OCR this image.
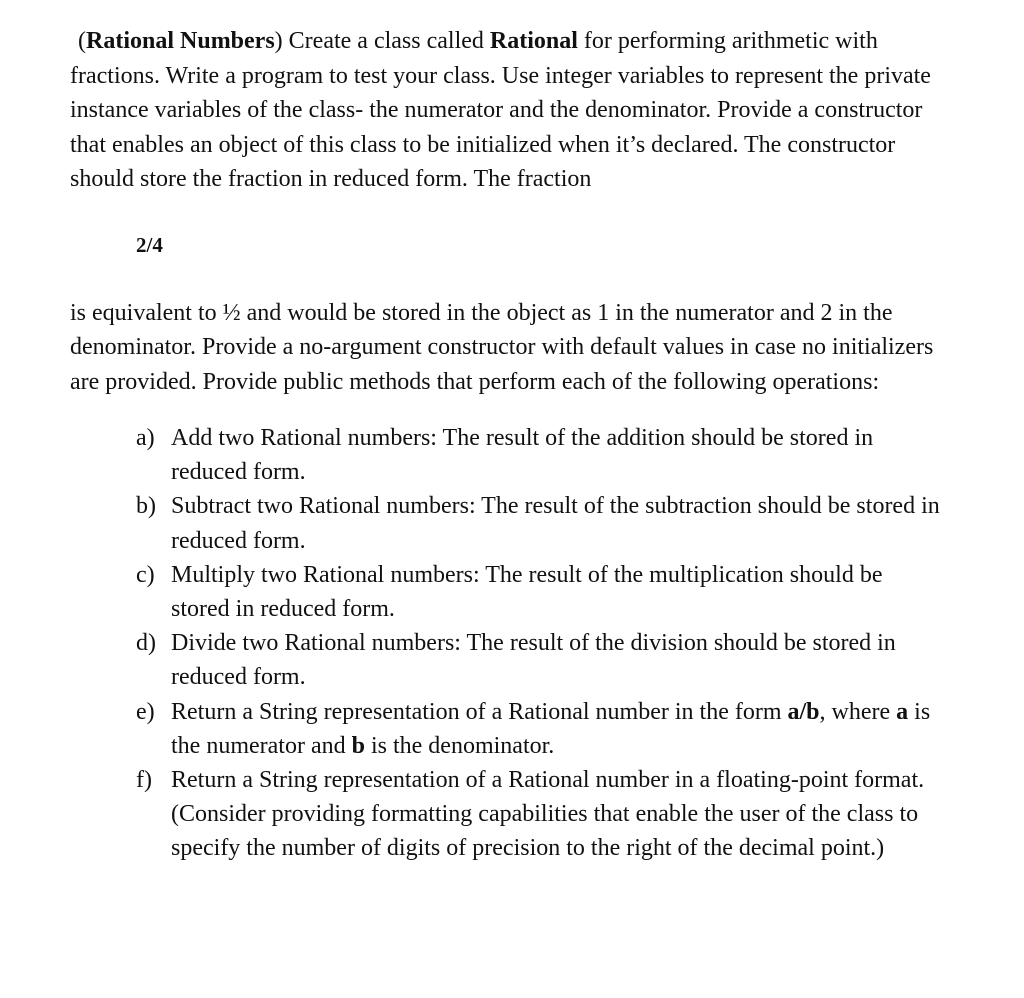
(Rational Numbers) Create a class called Rational for performing arithmetic with fractions. Write a program to test your class. Use integer variables to represent the private instance variables of the class- the numerator and the denominator. Provide a constructor that enables an object of this class to be initialized when it’s declared. The constructor should store the fraction in reduced form. The fraction

2/4

is equivalent to ½ and would be stored in the object as 1 in the numerator and 2 in the denominator. Provide a no-argument constructor with default values in case no initializers are provided. Provide public methods that perform each of the following operations:

a) Add two Rational numbers: The result of the addition should be stored in reduced form.
b) Subtract two Rational numbers: The result of the subtraction should be stored in reduced form.
c) Multiply two Rational numbers: The result of the multiplication should be stored in reduced form.
d) Divide two Rational numbers: The result of the division should be stored in reduced form.
e) Return a String representation of a Rational number in the form a/b, where a is the numerator and b is the denominator.
f) Return a String representation of a Rational number in a floating-point format. (Consider providing formatting capabilities that enable the user of the class to specify the number of digits of precision to the right of the decimal point.)
